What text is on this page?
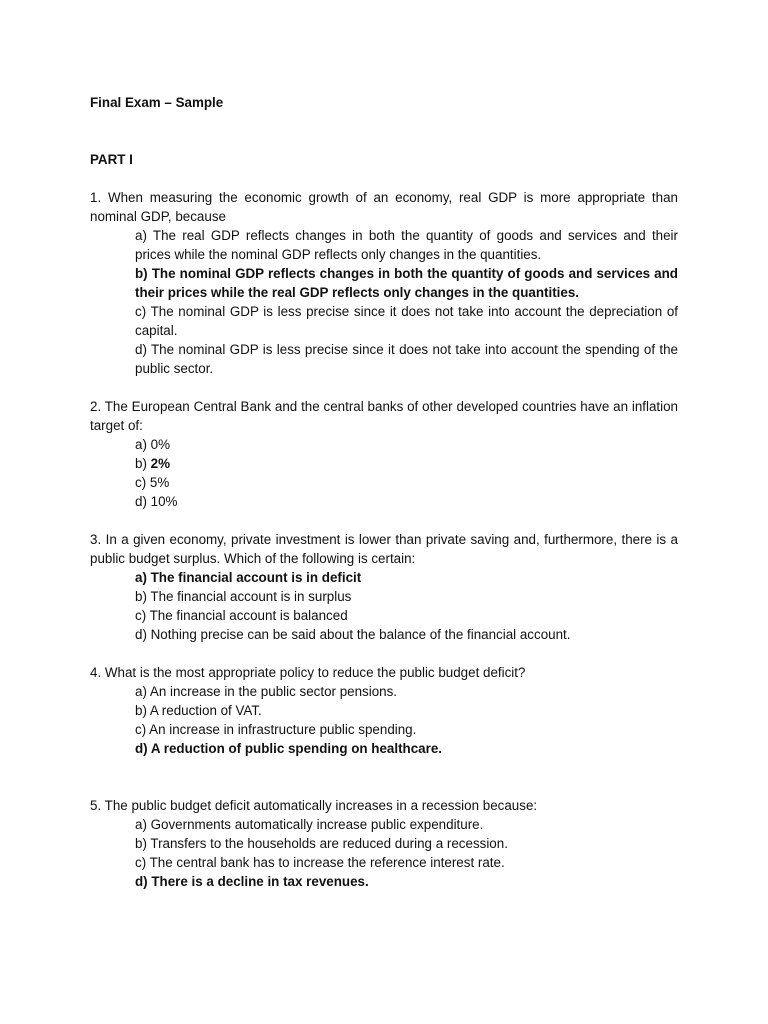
Final Exam – Sample
PART I
1. When measuring the economic growth of an economy, real GDP is more appropriate than nominal GDP, because
a) The real GDP reflects changes in both the quantity of goods and services and their prices while the nominal GDP reflects only changes in the quantities.
b) The nominal GDP reflects changes in both the quantity of goods and services and their prices while the real GDP reflects only changes in the quantities.
c) The nominal GDP is less precise since it does not take into account the depreciation of capital.
d) The nominal GDP is less precise since it does not take into account the spending of the public sector.
2. The European Central Bank and the central banks of other developed countries have an inflation target of:
a) 0%
b) 2%
c) 5%
d) 10%
3. In a given economy, private investment is lower than private saving and, furthermore, there is a public budget surplus. Which of the following is certain:
a) The financial account is in deficit
b) The financial account is in surplus
c) The financial account is balanced
d) Nothing precise can be said about the balance of the financial account.
4. What is the most appropriate policy to reduce the public budget deficit?
a) An increase in the public sector pensions.
b) A reduction of VAT.
c) An increase in infrastructure public spending.
d) A reduction of public spending on healthcare.
5. The public budget deficit automatically increases in a recession because:
a) Governments automatically increase public expenditure.
b) Transfers to the households are reduced during a recession.
c) The central bank has to increase the reference interest rate.
d) There is a decline in tax revenues.
